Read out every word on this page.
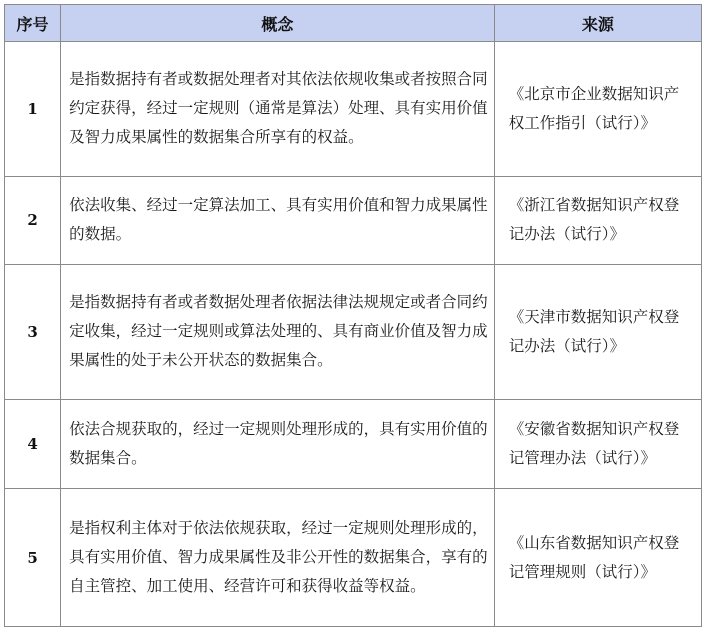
序号	概念	来源
1	是指数据持有者或数据处理者对其依法依规收集或者按照合同约定获得，经过一定规则（通常是算法）处理、具有实用价值及智力成果属性的数据集合所享有的权益。	《北京市企业数据知识产权工作指引（试行）》
2	依法收集、经过一定算法加工、具有实用价值和智力成果属性的数据。	《浙江省数据知识产权登记办法（试行）》
3	是指数据持有者或者数据处理者依据法律法规规定或者合同约定收集，经过一定规则或算法处理的、具有商业价值及智力成果属性的处于未公开状态的数据集合。	《天津市数据知识产权登记办法（试行）》
4	依法合规获取的，经过一定规则处理形成的，具有实用价值的数据集合。	《安徽省数据知识产权登记管理办法（试行）》
5	是指权利主体对于依法依规获取，经过一定规则处理形成的，具有实用价值、智力成果属性及非公开性的数据集合，享有的自主管控、加工使用、经营许可和获得收益等权益。	《山东省数据知识产权登记管理规则（试行）》
